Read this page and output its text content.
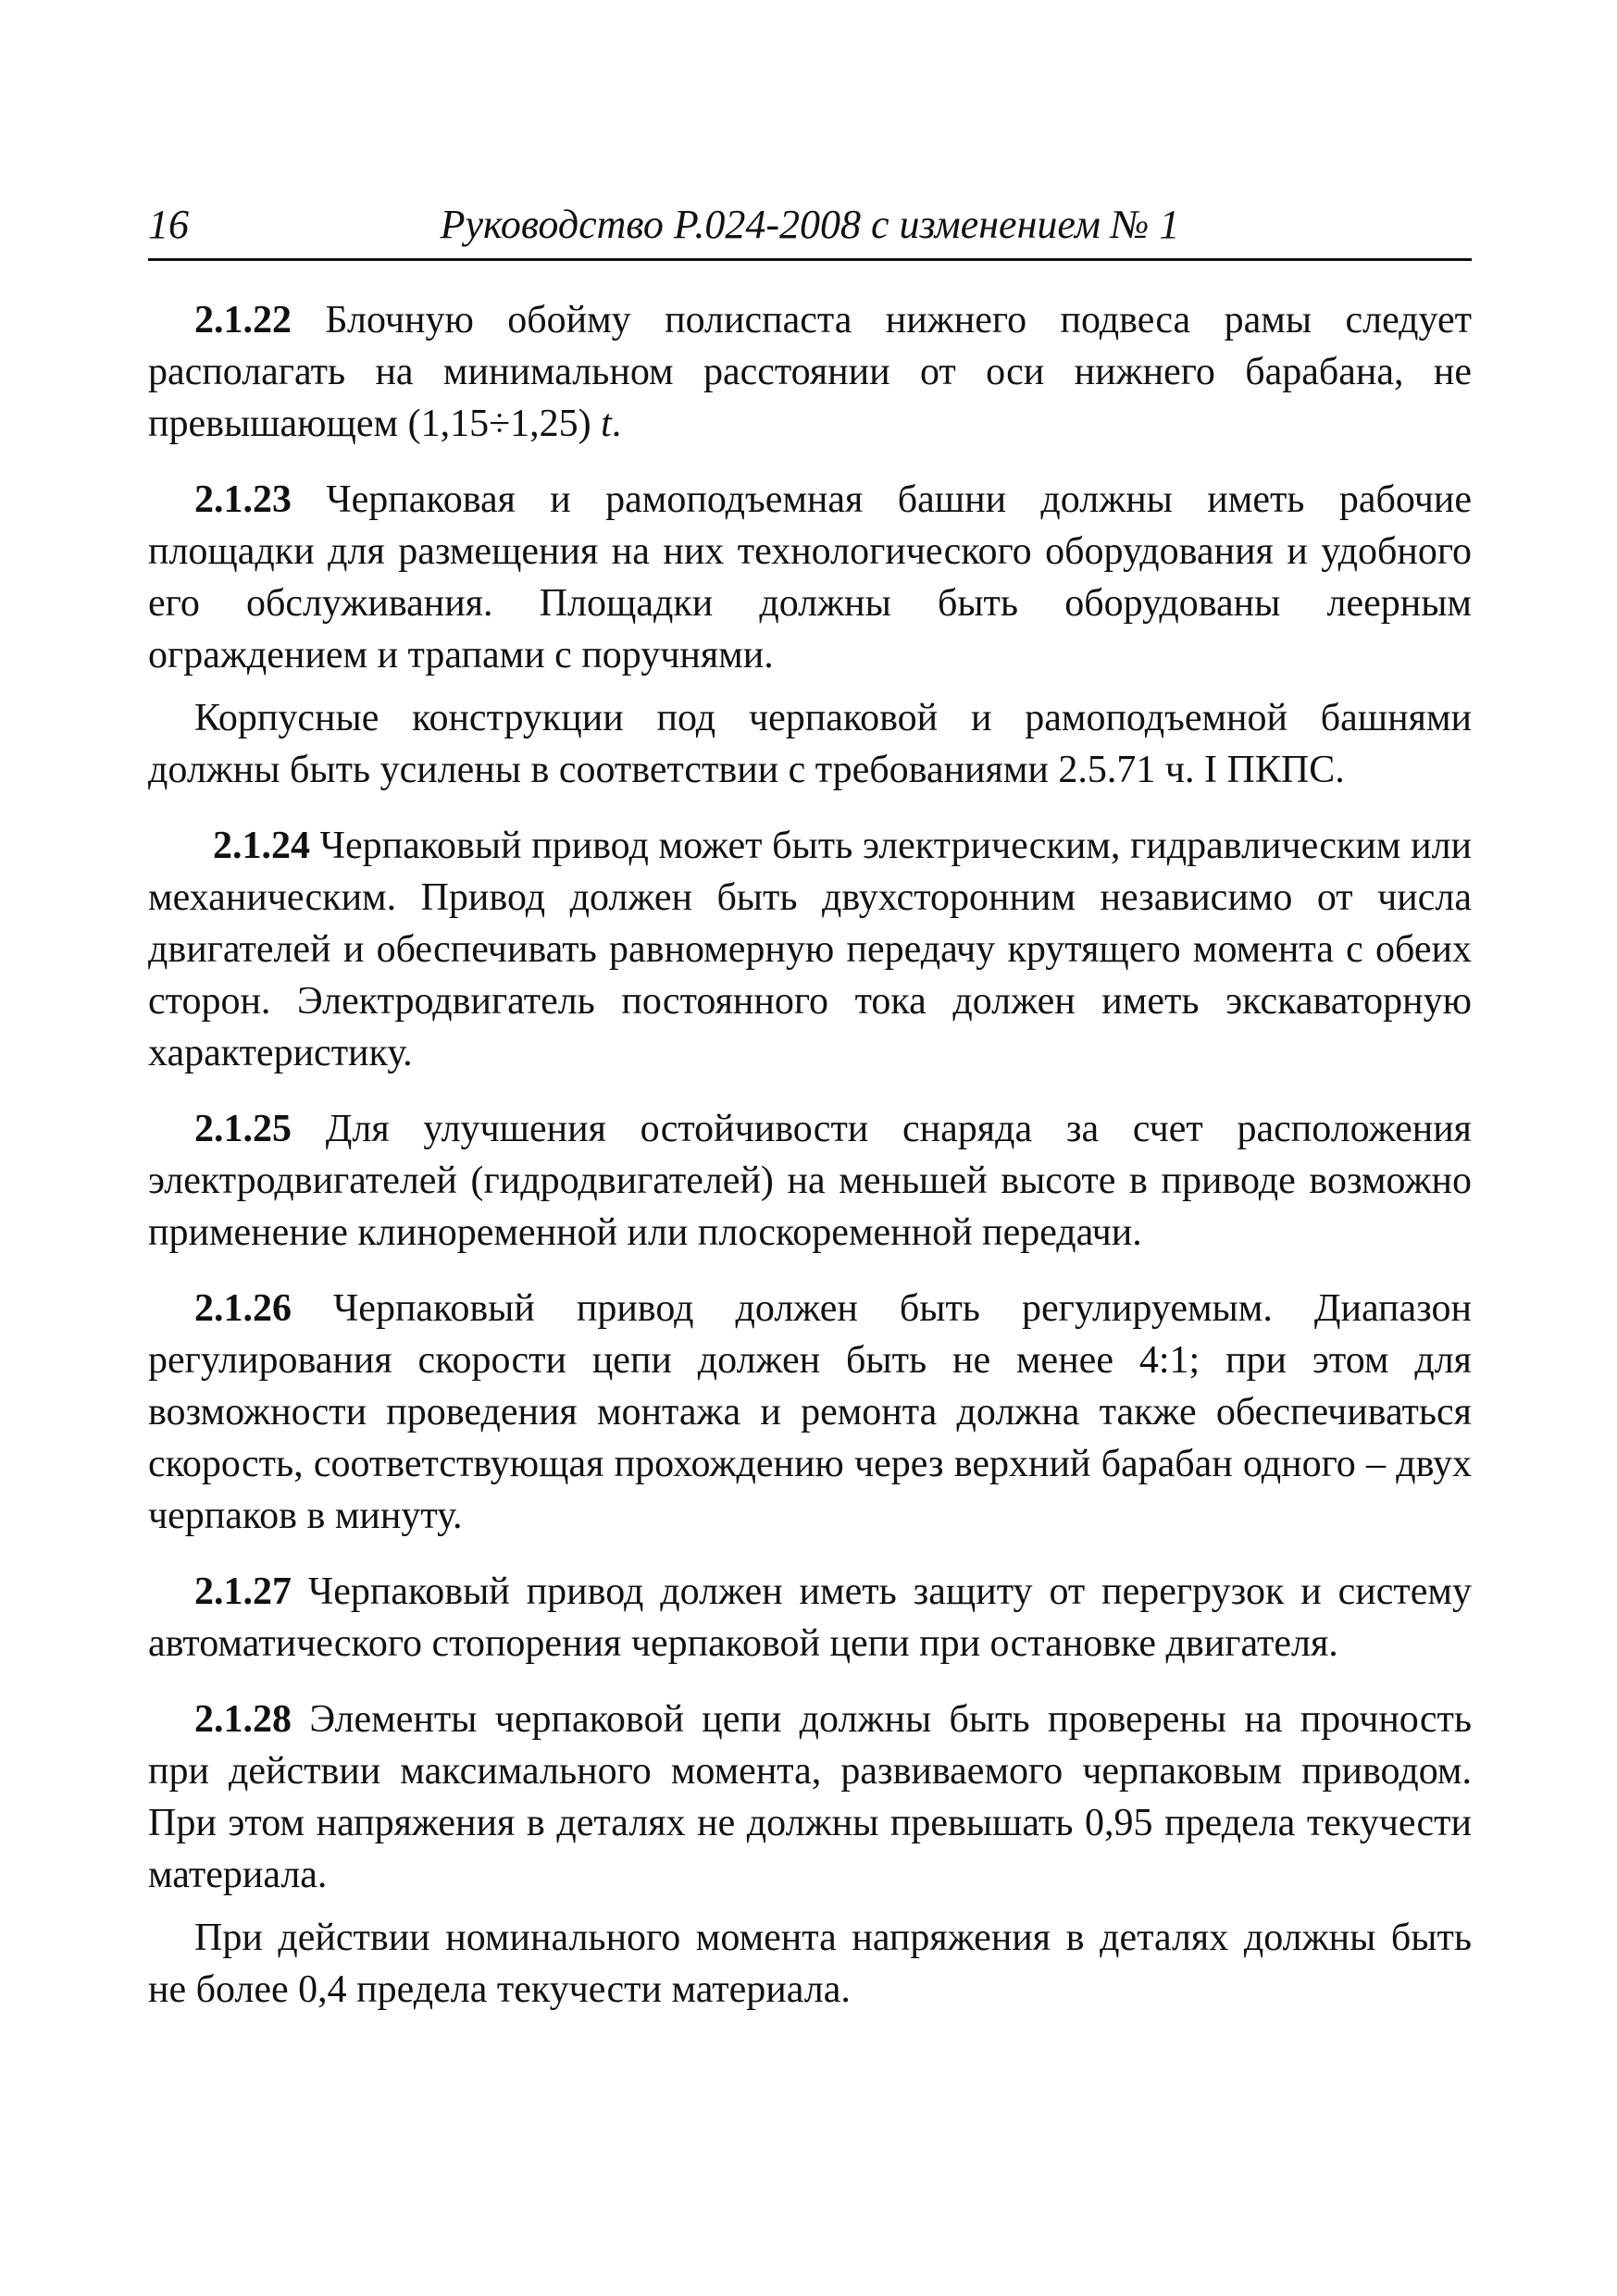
16	Руководство Р.024-2008 с изменением № 1

2.1.22 Блочную обойму полиспаста нижнего подвеса рамы следует располагать на минимальном расстоянии от оси нижнего барабана, не превышающем (1,15÷1,25) t.

2.1.23 Черпаковая и рамоподъемная башни должны иметь рабочие площадки для размещения на них технологического оборудования и удобного его обслуживания. Площадки должны быть оборудованы леерным ограждением и трапами с поручнями.

Корпусные конструкции под черпаковой и рамоподъемной башнями должны быть усилены в соответствии с требованиями 2.5.71 ч. I ПКПС.

2.1.24 Черпаковый привод может быть электрическим, гидравлическим или механическим. Привод должен быть двухсторонним независимо от числа двигателей и обеспечивать равномерную передачу крутящего момента с обеих сторон. Электродвигатель постоянного тока должен иметь экскаваторную характеристику.

2.1.25 Для улучшения остойчивости снаряда за счет расположения электродвигателей (гидродвигателей) на меньшей высоте в приводе возможно применение клиноременной или плоскоременной передачи.

2.1.26 Черпаковый привод должен быть регулируемым. Диапазон регулирования скорости цепи должен быть не менее 4:1; при этом для возможности проведения монтажа и ремонта должна также обеспечиваться скорость, соответствующая прохождению через верхний барабан одного – двух черпаков в минуту.

2.1.27 Черпаковый привод должен иметь защиту от перегрузок и систему автоматического стопорения черпаковой цепи при остановке двигателя.

2.1.28 Элементы черпаковой цепи должны быть проверены на прочность при действии максимального момента, развиваемого черпаковым приводом. При этом напряжения в деталях не должны превышать 0,95 предела текучести материала.

При действии номинального момента напряжения в деталях должны быть не более 0,4 предела текучести материала.
